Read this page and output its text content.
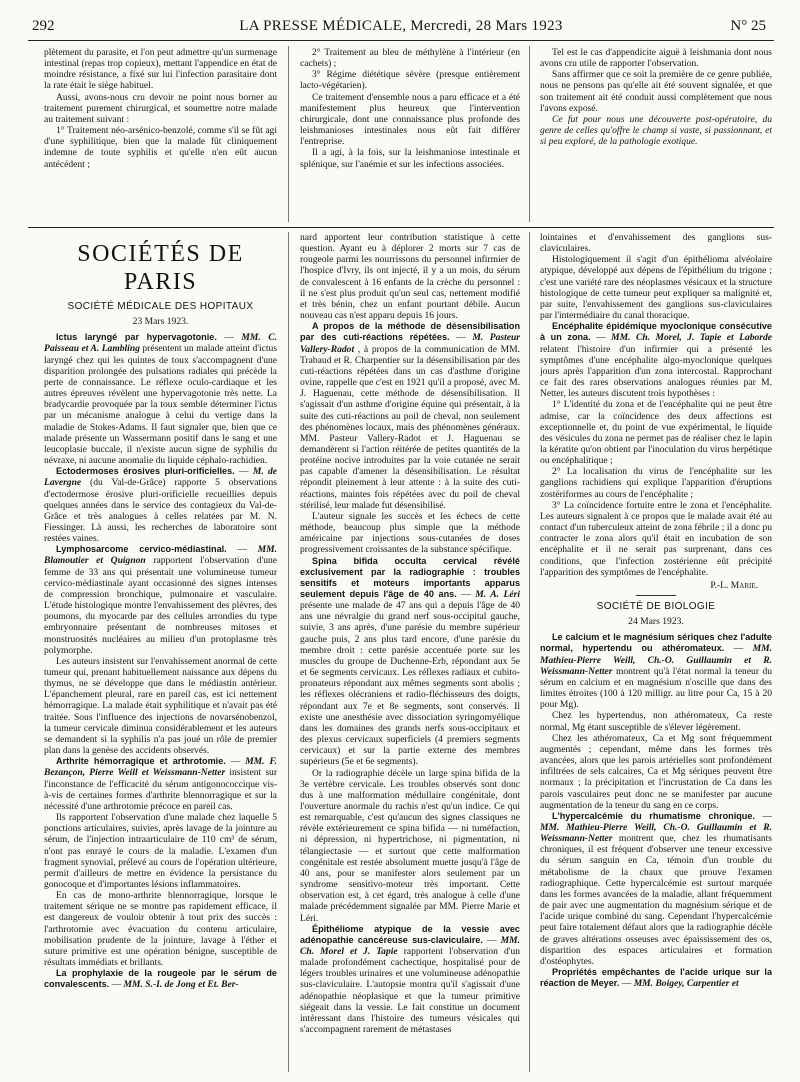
292	LA PRESSE MÉDICALE, Mercredi, 28 Mars 1923	N° 25

plètement du parasite, et l'on peut admettre qu'un surmenage intestinal (repas trop copieux), mettant l'appendice en état de moindre résistance, a fixé sur lui l'infection parasitaire dont la rate était le siège habituel.

Aussi, avons-nous cru devoir ne point nous borner au traitement purement chirurgical, et soumettre notre malade au traitement suivant :

1° Traitement néo-arsénico-benzolé, comme s'il se fût agi d'une syphilitique, bien que la malade fût cliniquement indemne de toute syphilis et qu'elle n'en eût aucun antécédent ;

2° Traitement au bleu de méthylène à l'intérieur (en cachets) ;

3° Régime diététique sévère (presque entièrement lacto-végétarien).

Ce traitement d'ensemble nous a paru efficace et a été manifestement plus heureux que l'intervention chirurgicale, dont une connaissance plus profonde des leishmanioses intestinales nous eût fait différer l'entreprise.

Il a agi, à la fois, sur la leishmaniose intestinale et splénique, sur l'anémie et sur les infections associées.

Tel est le cas d'appendicite aiguë à leishmania dont nous avons cru utile de rapporter l'observation.

Sans affirmer que ce soit la première de ce genre publiée, nous ne pensons pas qu'elle ait été souvent signalée, et que son traitement ait été conduit aussi complètement que nous l'avons exposé.

Ce fut pour nous une découverte post-opératoire, du genre de celles qu'offre le champ si vaste, si passionnant, et si peu exploré, de la pathologie exotique.

SOCIÉTÉS DE PARIS
SOCIÉTÉ MÉDICALE DES HOPITAUX
23 Mars 1923.

Ictus laryngé par hypervagotonie. — MM. C. Paisseau et A. Lambling présentent un malade atteint d'ictus laryngé chez qui les quintes de toux s'accompagnent d'une disparition prolongée des pulsations radiales qui précède la perte de connaissance. Le réflexe oculo-cardiaque et les autres épreuves révèlent une hypervagotonie très nette. La bradycardie provoquée par la toux semble déterminer l'ictus par un mécanisme analogue à celui du vertige dans la maladie de Stokes-Adams. Il faut signaler que, bien que ce malade présente un Wassermann positif dans le sang et une leucoplasie buccale, il n'existe aucun signe de syphilis du névraxe, ni aucune anomalie du liquide céphalo-rachidien.

Ectodermoses érosives pluri-orificielles. — M. de Lavergne (du Val-de-Grâce) rapporte 5 observations d'ectodermose érosive pluri-orificielle recueillies depuis quelques années dans le service des contagieux du Val-de-Grâce et très analogues à celles relatées par M. N. Fiessinger. Là aussi, les recherches de laboratoire sont restées vaines.

Lymphosarcome cervico-médiastinal. — MM. Blamoutier et Quignon rapportent l'observation d'une femme de 33 ans qui présentait une volumineuse tumeur cervico-médiastinale ayant occasionné des signes intenses de compression bronchique, pulmonaire et vasculaire. L'étude histologique montre l'envahissement des plèvres, des poumons, du myocarde par des cellules arrondies du type embryonnaire présentant de nombreuses mitoses et monstruosités nucléaires au milieu d'un protoplasme très polymorphe.

Les auteurs insistent sur l'envahissement anormal de cette tumeur qui, prenant habituellement naissance aux dépens du thymus, ne se développe que dans le médiastin antérieur. L'épanchement pleural, rare en pareil cas, est ici nettement hémorragique. La malade était syphilitique et n'avait pas été traitée. Sous l'influence des injections de novarsénobenzol, la tumeur cervicale diminua considérablement et les auteurs se demandent si la syphilis n'a pas joué un rôle de premier plan dans la genèse des accidents observés.

Arthrite hémorragique et arthrotomie. — MM. F. Bezançon, Pierre Weill et Weissmann-Netter insistent sur l'inconstance de l'efficacité du sérum antigonococcique vis-à-vis de certaines formes d'arthrite blennorragique et sur la nécessité d'une arthrotomie précoce en pareil cas.

Ils rapportent l'observation d'une malade chez laquelle 5 ponctions articulaires, suivies, après lavage de la jointure au sérum, de l'injection intraarticulaire de 110 cm³ de sérum, n'ont pas enrayé le cours de la maladie. L'examen d'un fragment synovial, prélevé au cours de l'opération ultérieure, permit d'ailleurs de mettre en évidence la persistance du gonocoque et d'importantes lésions inflammatoires.

En cas de mono-arthrite blennorragique, lorsque le traitement sérique ne se montre pas rapidement efficace, il est dangereux de vouloir obtenir à tout prix des succès : l'arthrotomie avec évacuation du contenu articulaire, mobilisation prudente de la jointure, lavage à l'éther et suture primitive est une opération bénigne, susceptible de résultats immédiats et brillants.

La prophylaxie de la rougeole par le sérum de convalescents. — MM. S.-I. de Jong et Et. Ber-

nard apportent leur contribution statistique à cette question. Ayant eu à déplorer 2 morts sur 7 cas de rougeole parmi les nourrissons du personnel infirmier de l'hospice d'Ivry, ils ont injecté, il y a un mois, du sérum de convalescent à 16 enfants de la crèche du personnel : il ne s'est plus produit qu'un seul cas, nettement modifié et très bénin, chez un enfant pourtant débile. Aucun nouveau cas n'est apparu depuis 16 jours.

A propos de la méthode de désensibilisation par des cuti-réactions répétées. — M. Pasteur Vallery-Radot , à propos de la communication de MM. Trabaud et R. Charpentier sur la désensibilisation par des cuti-réactions répétées dans un cas d'asthme d'origine ovine, rappelle que c'est en 1921 qu'il a proposé, avec M. J. Haguenau, cette méthode de désensibilisation. Il s'agissait d'un asthme d'origine équine qui présentait, à la suite des cuti-réactions au poil de cheval, non seulement des phénomènes locaux, mais des phénomènes généraux. MM. Pasteur Vallery-Radot et J. Haguenau se demandèrent si l'action réitérée de petites quantités de la protéine nocive introduites par la voie cutanée ne serait pas capable d'amener la désensibilisation. Le résultat répondit pleinement à leur attente : à la suite des cuti-réactions, maintes fois répétées avec du poil de cheval stérilisé, leur malade fut désensibilisé.

L'auteur signale les succès et les échecs de cette méthode, beaucoup plus simple que la méthode américaine par injections sous-cutanées de doses progressivement croissantes de la substance spécifique.

Spina bifida occulta cervical révélé exclusivement par la radiographie : troubles sensitifs et moteurs importants apparus seulement depuis l'âge de 40 ans. — M. A. Léri présente une malade de 47 ans qui a depuis l'âge de 40 ans une névralgie du grand nerf sous-occipital gauche, suivie, 3 ans après, d'une parésie du membre supérieur gauche puis, 2 ans plus tard encore, d'une parésie du membre droit : cette parésie accentuée porte sur les muscles du groupe de Duchenne-Erb, répondant aux 5e et 6e segments cervicaux. Les réflexes radiaux et cubito-pronateurs répondant aux mêmes segments sont abolis ; les réflexes olécraniens et radio-fléchisseurs des doigts, répondant aux 7e et 8e segments, sont conservés. Il existe une anesthésie avec dissociation syringomyélique dans les domaines des grands nerfs sous-occipitaux et des plexus cervicaux superficiels (4 premiers segments cervicaux) et sur la partie externe des membres supérieurs (5e et 6e segments).

Or la radiographie décèle un large spina bifida de la 3e vertèbre cervicale. Les troubles observés sont donc dus à une malformation médullaire congénitale, dont l'ouverture anormale du rachis n'est qu'un indice. Ce qui est remarquable, c'est qu'aucun des signes classiques ne révèle extérieurement ce spina bifida — ni tuméfaction, ni dépression, ni hypertrichose, ni pigmentation, ni télangiectasie — et surtout que cette malformation congénitale est restée absolument muette jusqu'à l'âge de 40 ans, pour se manifester alors seulement par un syndrome sensitivo-moteur très important. Cette observation est, à cet égard, très analogue à celle d'une malade précédemment signalée par MM. Pierre Marie et Léri.

Épithéliome atypique de la vessie avec adénopathie cancéreuse sus-claviculaire. — MM. Ch. Morel et J. Tapie rapportent l'observation d'un malade profondément cachectique, hospitalisé pour de légers troubles urinaires et une volumineuse adénopathie sus-claviculaire. L'autopsie montra qu'il s'agissait d'une adénopathie néoplasique et que la tumeur primitive siégeait dans la vessie. Le fait constitue un document intéressant dans l'histoire des tumeurs vésicales qui s'accompagnent rarement de métastases

lointaines et d'envahissement des ganglions sus-claviculaires.

Histologiquement il s'agit d'un épithélioma alvéolaire atypique, développé aux dépens de l'épithélium du trigone ; c'est une variété rare des néoplasmes vésicaux et la structure histologique de cette tumeur peut expliquer sa malignité et, par suite, l'envahissement des ganglions sus-claviculaires par l'intermédiaire du canal thoracique.

Encéphalite épidémique myoclonique consécutive à un zona. — MM. Ch. Morel, J. Tapie et Laborde relatent l'histoire d'un infirmier qui a présenté les symptômes d'une encéphalite algo-myoclonique quelques jours après l'apparition d'un zona intercostal. Rapprochant ce fait des rares observations analogues réunies par M. Netter, les auteurs discutent trois hypothèses :

1° L'identité du zona et de l'encéphalite qui ne peut être admise, car la coïncidence des deux affections est exceptionnelle et, du point de vue expérimental, le liquide des vésicules du zona ne permet pas de réaliser chez le lapin la kératite qu'on obtient par l'inoculation du virus herpétique ou encéphalitique ;

2° La localisation du virus de l'encéphalite sur les ganglions rachidiens qui explique l'apparition d'éruptions zostériformes au cours de l'encéphalite ;

3° La coïncidence fortuite entre le zona et l'encéphalite. Les auteurs signalent à ce propos que le malade avait été au contact d'un tuberculeux atteint de zona fébrile ; il a donc pu contracter le zona alors qu'il était en incubation de son encéphalite et il ne serait pas surprenant, dans ces conditions, que l'infection zostérienne eût précipité l'apparition des symptômes de l'encéphalite.

P.-L. Marie.
SOCIÉTÉ DE BIOLOGIE
24 Mars 1923.

Le calcium et le magnésium sériques chez l'adulte normal, hypertendu ou athéromateux. — MM. Mathieu-Pierre Weill, Ch.-O. Guillaumin et R. Weissmann-Netter montrent qu'à l'état normal la teneur du sérum en calcium et en magnésium n'oscille que dans des limites étroites (100 à 120 milligr. au litre pour Ca, 15 à 20 pour Mg).

Chez les hypertendus, non athéromateux, Ca reste normal, Mg étant susceptible de s'élever légèrement.

Chez les athéromateux, Ca et Mg sont fréquemment augmentés ; cependant, même dans les formes très avancées, alors que les parois artérielles sont profondément infiltrées de sels calcaires, Ca et Mg sériques peuvent être normaux ; la précipitation et l'incrustation de Ca dans les parois vasculaires peut donc ne se manifester par aucune augmentation de la teneur du sang en ce corps.

L'hypercalcémie du rhumatisme chronique. — MM. Mathieu-Pierre Weill, Ch.-O. Guillaumin et R. Weissmann-Netter montrent que, chez les rhumatisants chroniques, il est fréquent d'observer une teneur excessive du sérum sanguin en Ca, témoin d'un trouble du métabolisme de la chaux que prouve l'examen radiographique. Cette hypercalcémie est surtout marquée dans les formes avancées de la maladie, allant fréquemment de pair avec une augmentation du magnésium sérique et de l'acide urique combiné du sang. Cependant l'hypercalcémie peut faire totalement défaut alors que la radiographie décèle de graves altérations osseuses avec épaississement des os, disparition des espaces articulaires et formation d'ostéophytes.

Propriétés empêchantes de l'acide urique sur la réaction de Meyer. — MM. Boigey, Carpentier et
